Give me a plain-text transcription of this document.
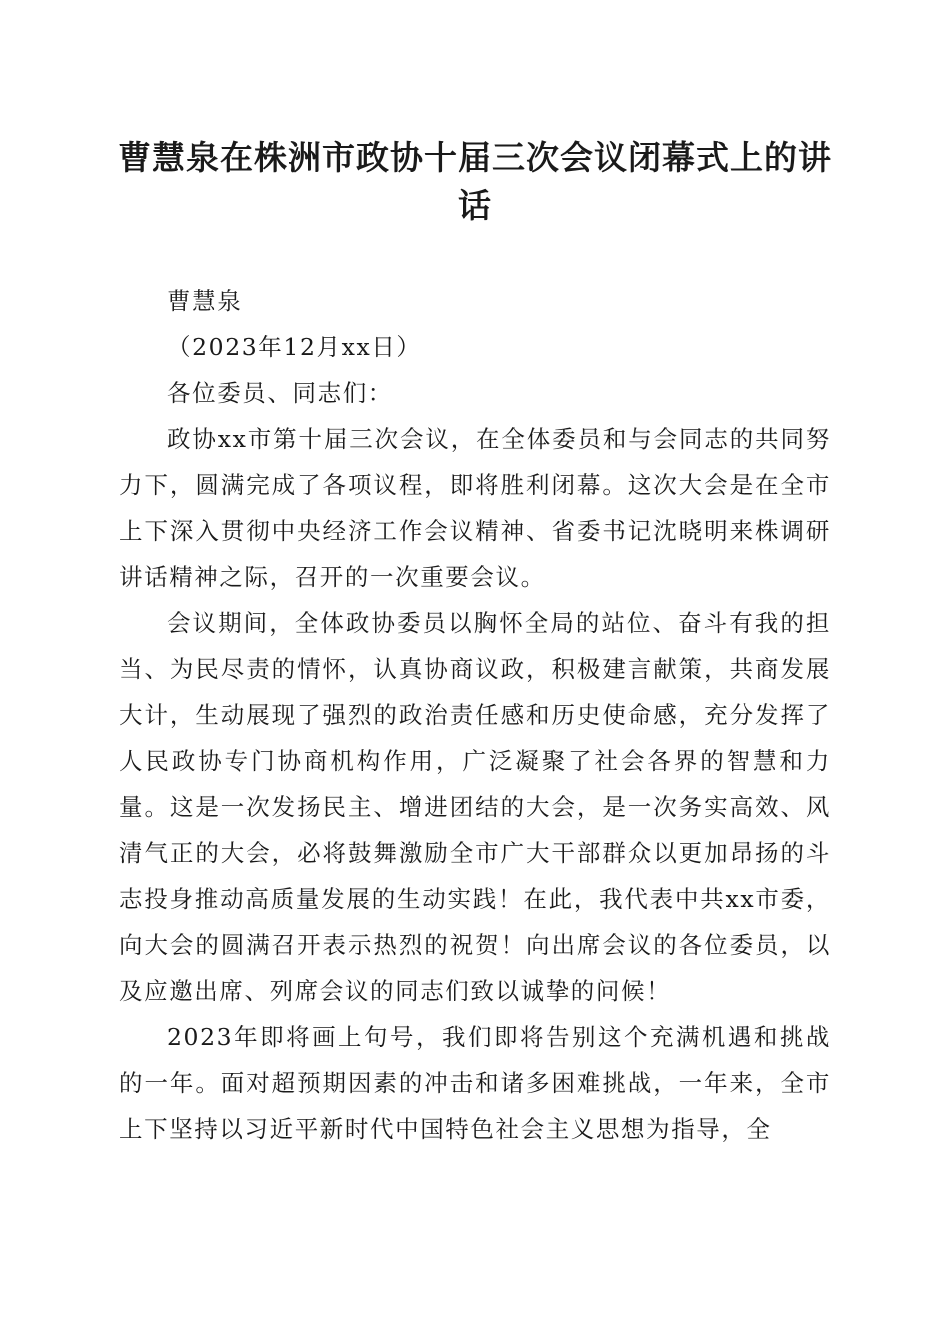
曹慧泉在株洲市政协十届三次会议闭幕式上的讲话

曹慧泉

（2023年12月xx日）

各位委员、同志们：

政协xx市第十届三次会议，在全体委员和与会同志的共同努力下，圆满完成了各项议程，即将胜利闭幕。这次大会是在全市上下深入贯彻中央经济工作会议精神、省委书记沈晓明来株调研讲话精神之际，召开的一次重要会议。

会议期间，全体政协委员以胸怀全局的站位、奋斗有我的担当、为民尽责的情怀，认真协商议政，积极建言献策，共商发展大计，生动展现了强烈的政治责任感和历史使命感，充分发挥了人民政协专门协商机构作用，广泛凝聚了社会各界的智慧和力量。这是一次发扬民主、增进团结的大会，是一次务实高效、风清气正的大会，必将鼓舞激励全市广大干部群众以更加昂扬的斗志投身推动高质量发展的生动实践！在此，我代表中共xx市委，向大会的圆满召开表示热烈的祝贺！向出席会议的各位委员，以及应邀出席、列席会议的同志们致以诚挚的问候！

2023年即将画上句号，我们即将告别这个充满机遇和挑战的一年。面对超预期因素的冲击和诸多困难挑战，一年来，全市上下坚持以习近平新时代中国特色社会主义思想为指导，全
